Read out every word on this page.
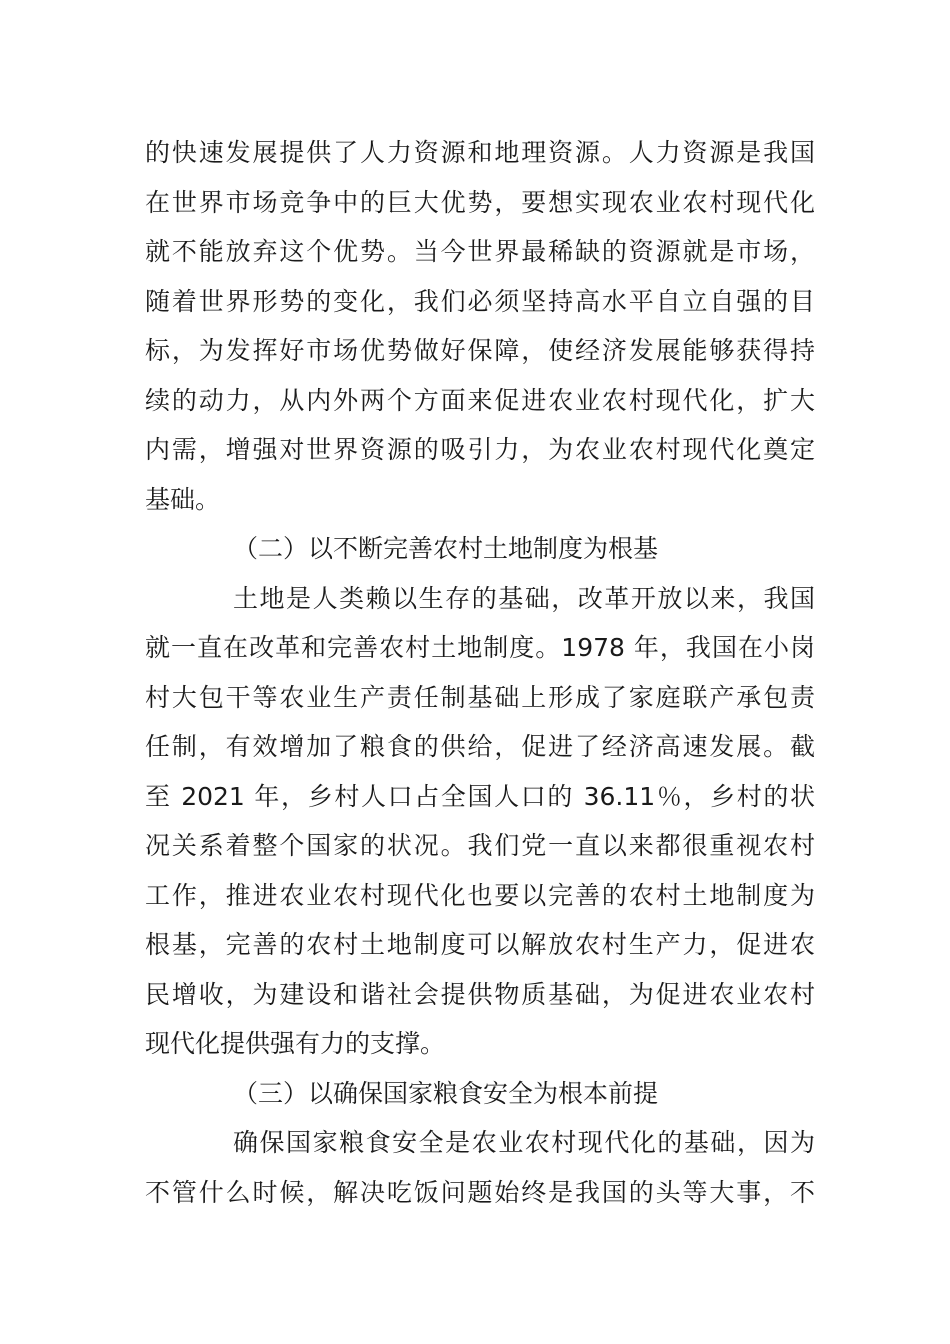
的快速发展提供了人力资源和地理资源。人力资源是我国
在世界市场竞争中的巨大优势，要想实现农业农村现代化
就不能放弃这个优势。当今世界最稀缺的资源就是市场，
随着世界形势的变化，我们必须坚持高水平自立自强的目
标，为发挥好市场优势做好保障，使经济发展能够获得持
续的动力，从内外两个方面来促进农业农村现代化，扩大
内需，增强对世界资源的吸引力，为农业农村现代化奠定
基础。
（二）以不断完善农村土地制度为根基
土地是人类赖以生存的基础，改革开放以来，我国
就一直在改革和完善农村土地制度。1978 年，我国在小岗
村大包干等农业生产责任制基础上形成了家庭联产承包责
任制，有效增加了粮食的供给，促进了经济高速发展。截
至 2021 年，乡村人口占全国人口的 36.11％，乡村的状
况关系着整个国家的状况。我们党一直以来都很重视农村
工作，推进农业农村现代化也要以完善的农村土地制度为
根基，完善的农村土地制度可以解放农村生产力，促进农
民增收，为建设和谐社会提供物质基础，为促进农业农村
现代化提供强有力的支撑。
（三）以确保国家粮食安全为根本前提
确保国家粮食安全是农业农村现代化的基础，因为
不管什么时候，解决吃饭问题始终是我国的头等大事，不
